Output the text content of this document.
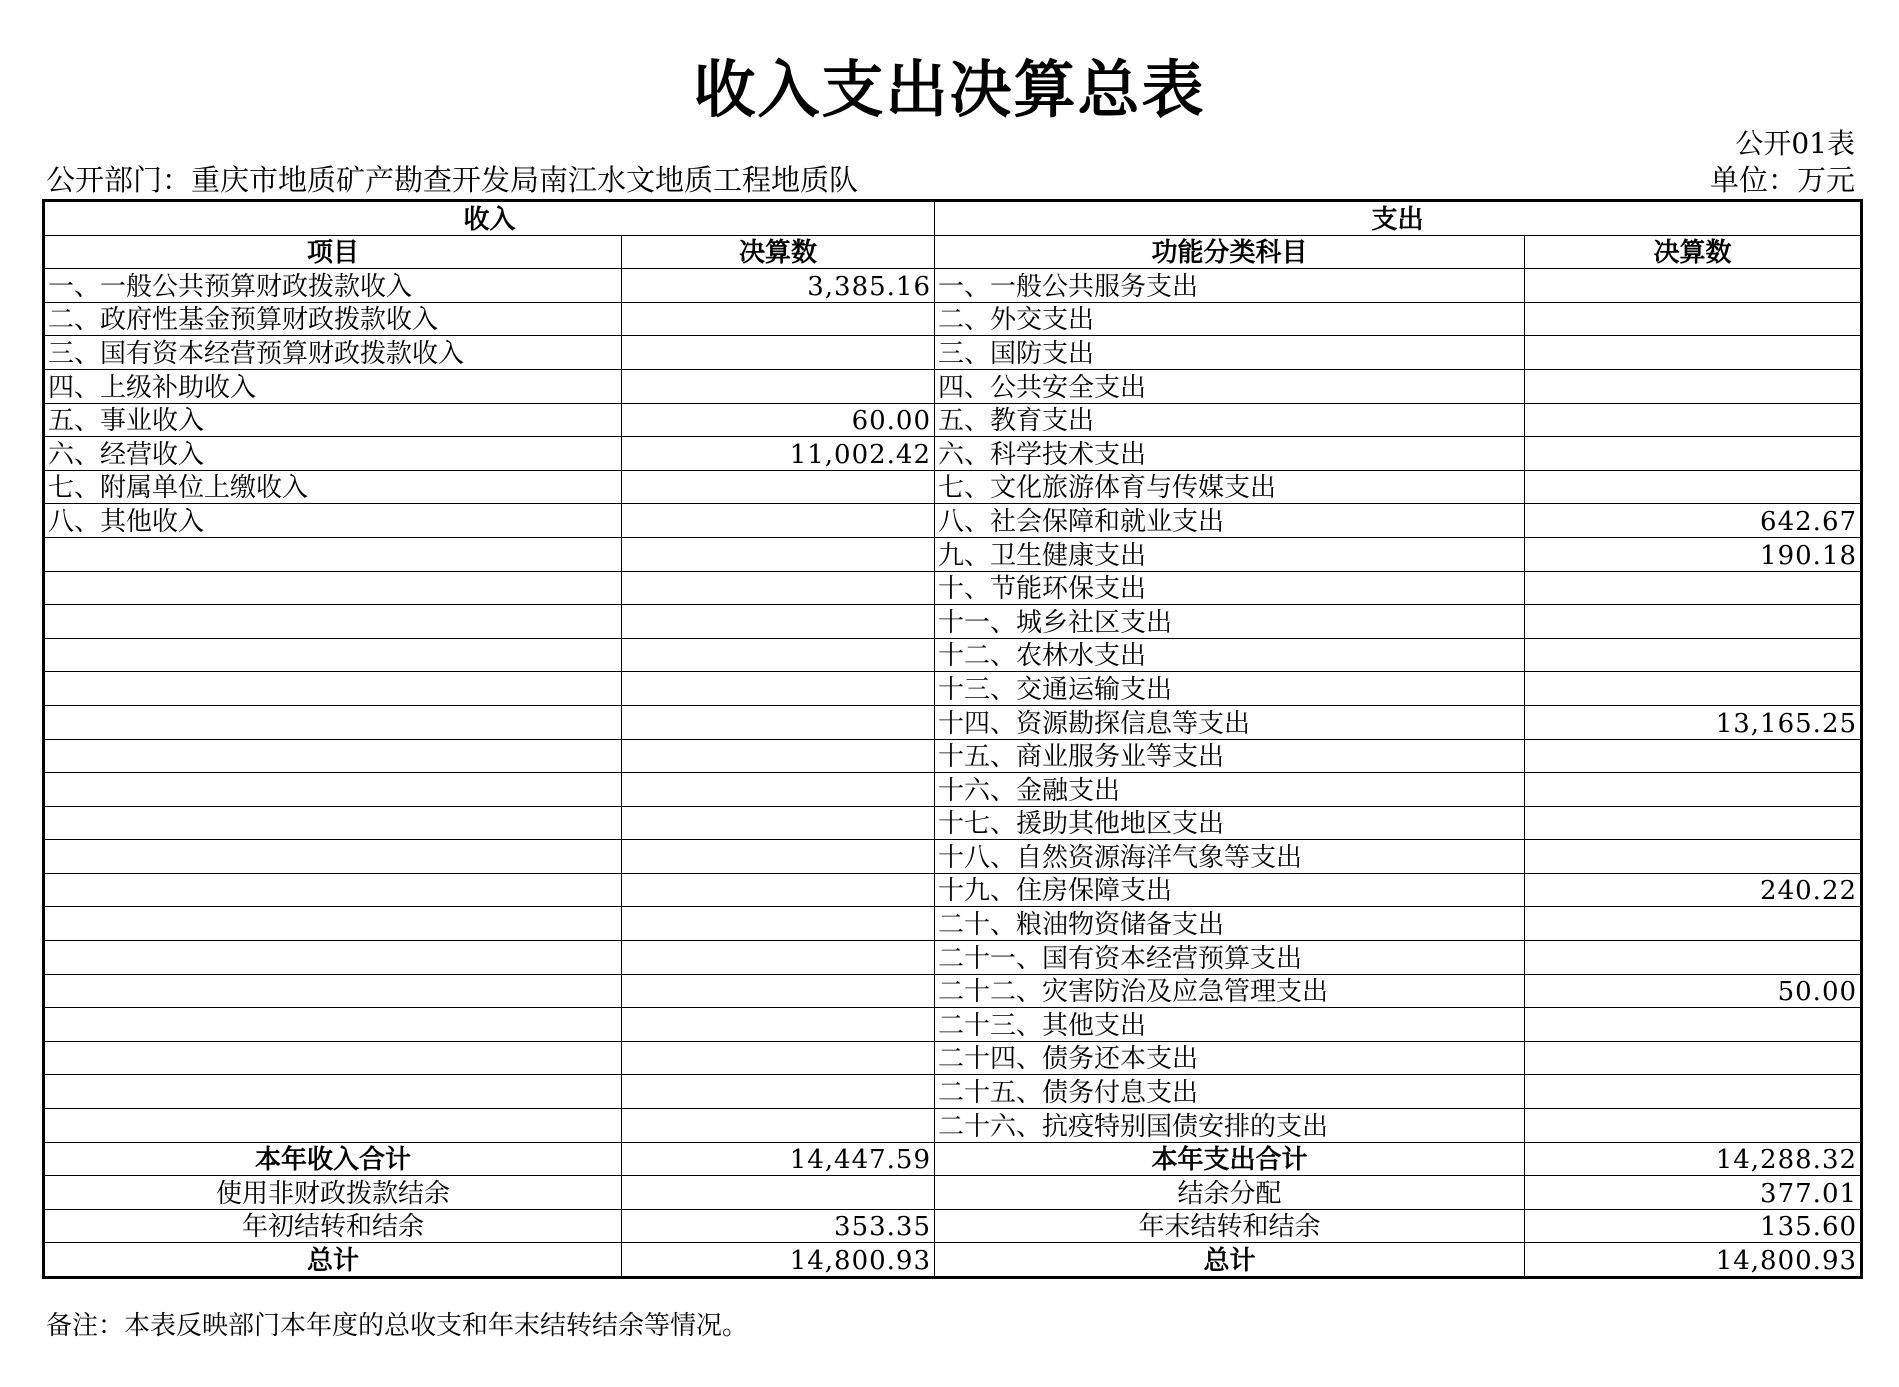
收入支出决算总表
公开01表
公开部门：重庆市地质矿产勘查开发局南江水文地质工程地质队	单位：万元
收入		支出	
项目	决算数	功能分类科目	决算数
一、一般公共预算财政拨款收入	3,385.16	一、一般公共服务支出	
二、政府性基金预算财政拨款收入		二、外交支出	
三、国有资本经营预算财政拨款收入		三、国防支出	
四、上级补助收入		四、公共安全支出	
五、事业收入	60.00	五、教育支出	
六、经营收入	11,002.42	六、科学技术支出	
七、附属单位上缴收入		七、文化旅游体育与传媒支出	
八、其他收入		八、社会保障和就业支出	642.67
		九、卫生健康支出	190.18
		十、节能环保支出	
		十一、城乡社区支出	
		十二、农林水支出	
		十三、交通运输支出	
		十四、资源勘探信息等支出	13,165.25
		十五、商业服务业等支出	
		十六、金融支出	
		十七、援助其他地区支出	
		十八、自然资源海洋气象等支出	
		十九、住房保障支出	240.22
		二十、粮油物资储备支出	
		二十一、国有资本经营预算支出	
		二十二、灾害防治及应急管理支出	50.00
		二十三、其他支出	
		二十四、债务还本支出	
		二十五、债务付息支出	
		二十六、抗疫特别国债安排的支出	
本年收入合计	14,447.59	本年支出合计	14,288.32
使用非财政拨款结余		结余分配	377.01
年初结转和结余	353.35	年末结转和结余	135.60
总计	14,800.93	总计	14,800.93
备注：本表反映部门本年度的总收支和年末结转结余等情况。
